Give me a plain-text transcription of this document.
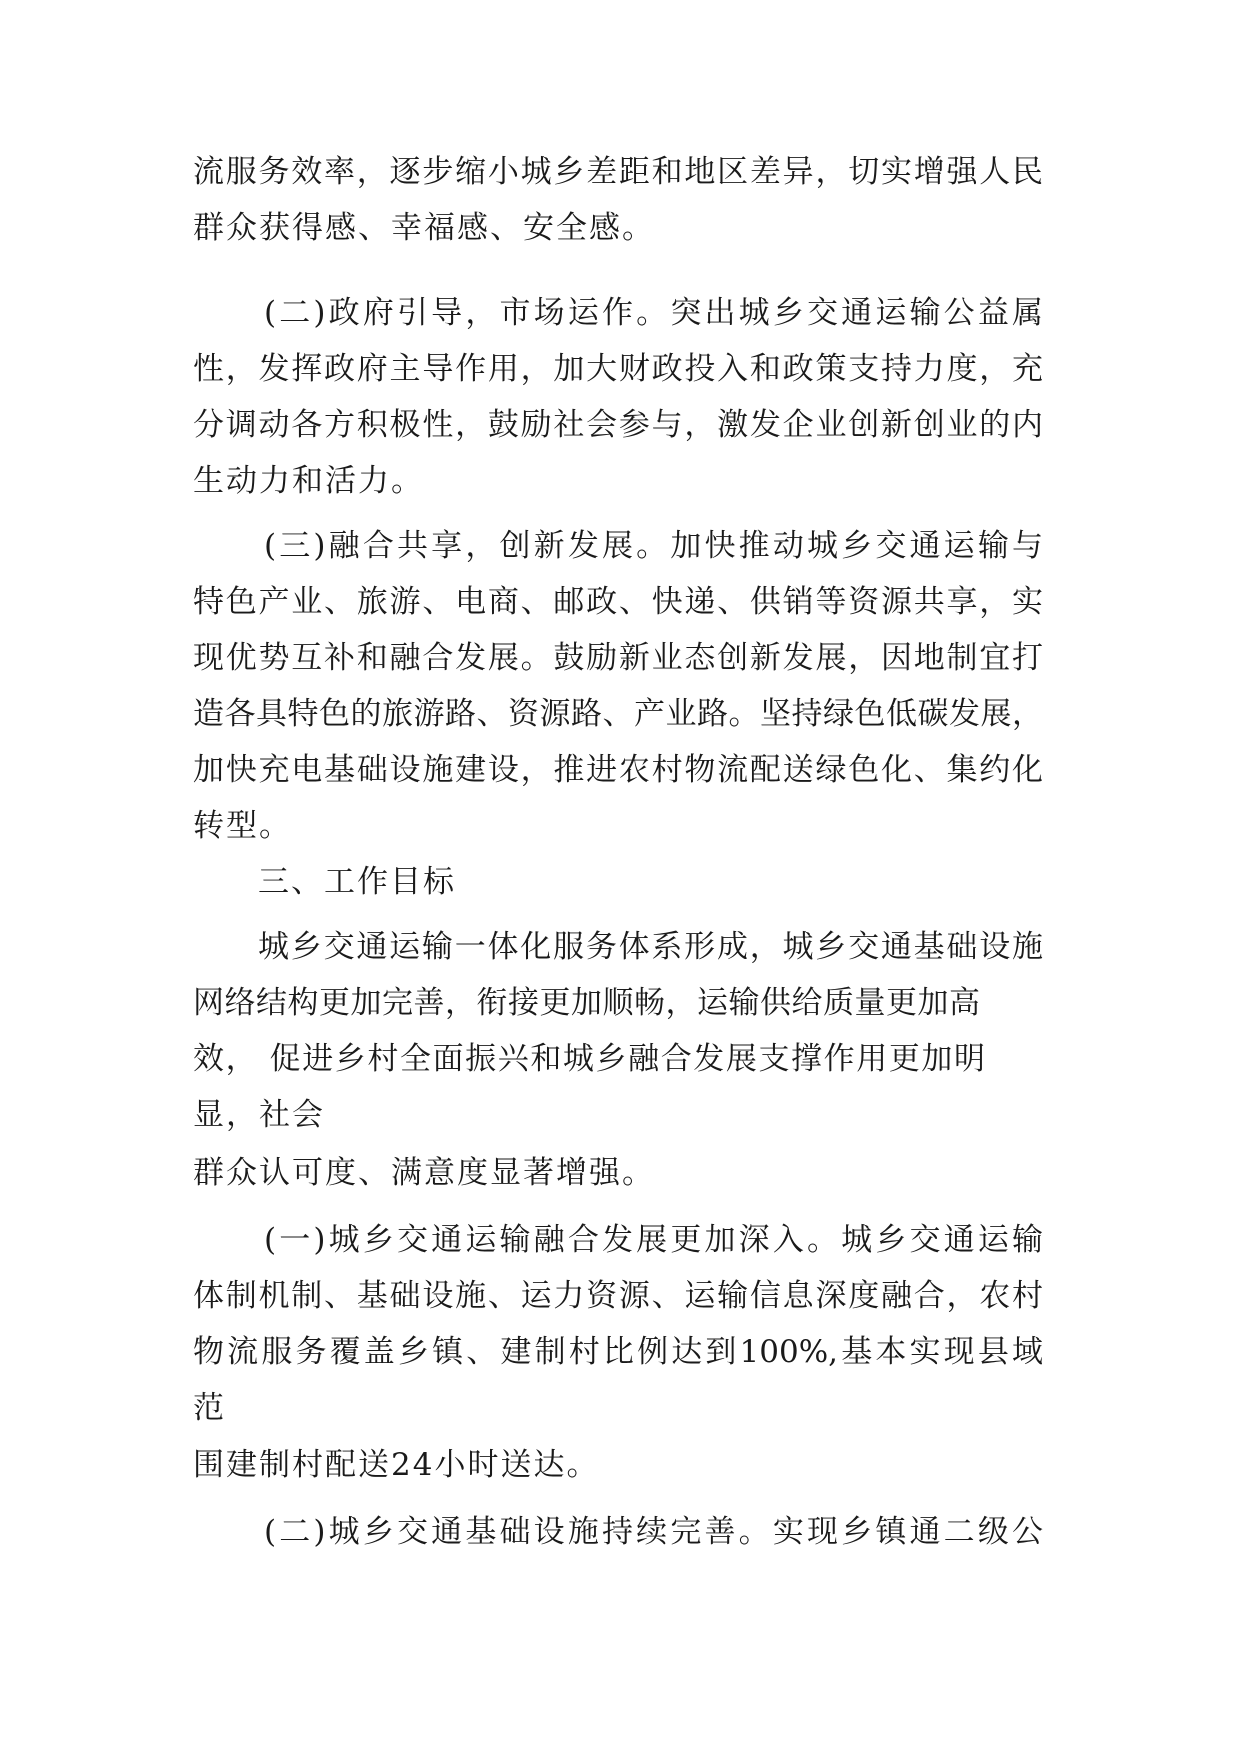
流服务效率，逐步缩小城乡差距和地区差异，切实增强人民

群众获得感、幸福感、安全感。

(二)政府引导，市场运作。突出城乡交通运输公益属

性，发挥政府主导作用，加大财政投入和政策支持力度，充

分调动各方积极性，鼓励社会参与，激发企业创新创业的内

生动力和活力。

(三)融合共享，创新发展。加快推动城乡交通运输与

特色产业、旅游、电商、邮政、快递、供销等资源共享，实

现优势互补和融合发展。鼓励新业态创新发展，因地制宜打

造各具特色的旅游路、资源路、产业路。坚持绿色低碳发展，

加快充电基础设施建设，推进农村物流配送绿色化、集约化

转型。

三、工作目标

城乡交通运输一体化服务体系形成，城乡交通基础设施

网络结构更加完善，衔接更加顺畅，运输供给质量更加高

效， 促进乡村全面振兴和城乡融合发展支撑作用更加明

显，社会

群众认可度、满意度显著增强。

(一)城乡交通运输融合发展更加深入。城乡交通运输

体制机制、基础设施、运力资源、运输信息深度融合，农村

物流服务覆盖乡镇、建制村比例达到100%,基本实现县域

范

围建制村配送24小时送达。

(二)城乡交通基础设施持续完善。实现乡镇通二级公
